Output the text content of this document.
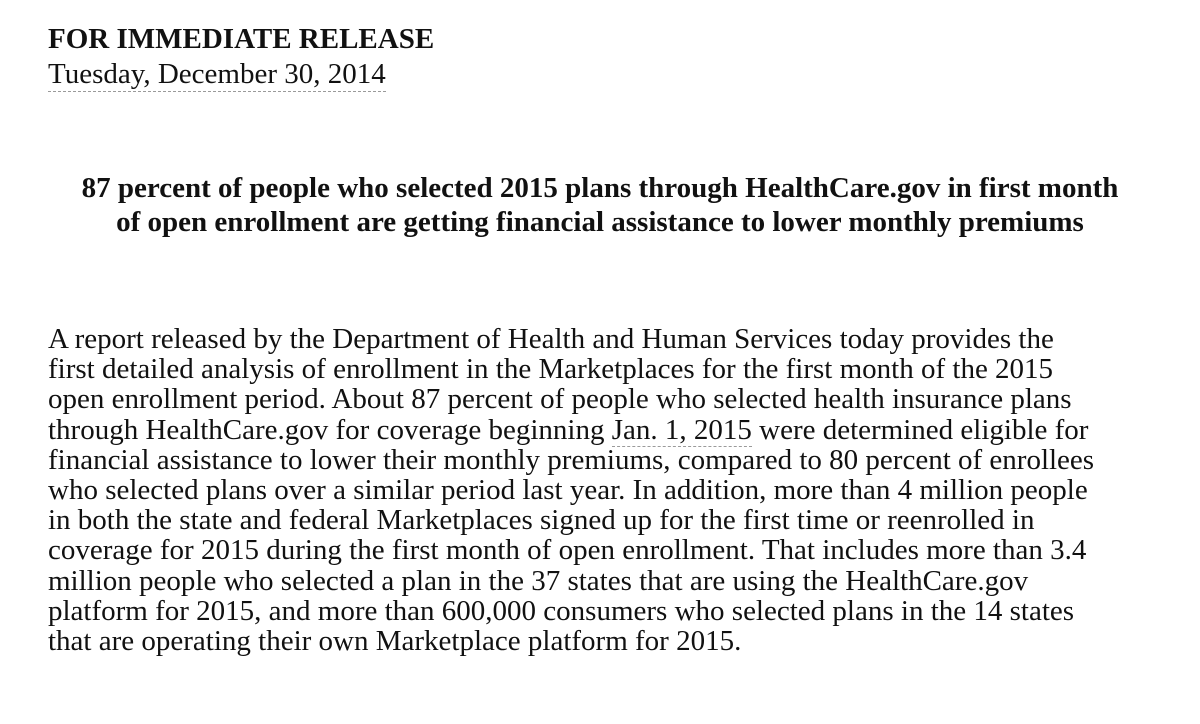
FOR IMMEDIATE RELEASE
Tuesday, December 30, 2014
87 percent of people who selected 2015 plans through HealthCare.gov in first month
of open enrollment are getting financial assistance to lower monthly premiums
A report released by the Department of Health and Human Services today provides the
first detailed analysis of enrollment in the Marketplaces for the first month of the 2015
open enrollment period. About 87 percent of people who selected health insurance plans
through HealthCare.gov for coverage beginning Jan. 1, 2015 were determined eligible for
financial assistance to lower their monthly premiums, compared to 80 percent of enrollees
who selected plans over a similar period last year. In addition, more than 4 million people
in both the state and federal Marketplaces signed up for the first time or reenrolled in
coverage for 2015 during the first month of open enrollment. That includes more than 3.4
million people who selected a plan in the 37 states that are using the HealthCare.gov
platform for 2015, and more than 600,000 consumers who selected plans in the 14 states
that are operating their own Marketplace platform for 2015.
